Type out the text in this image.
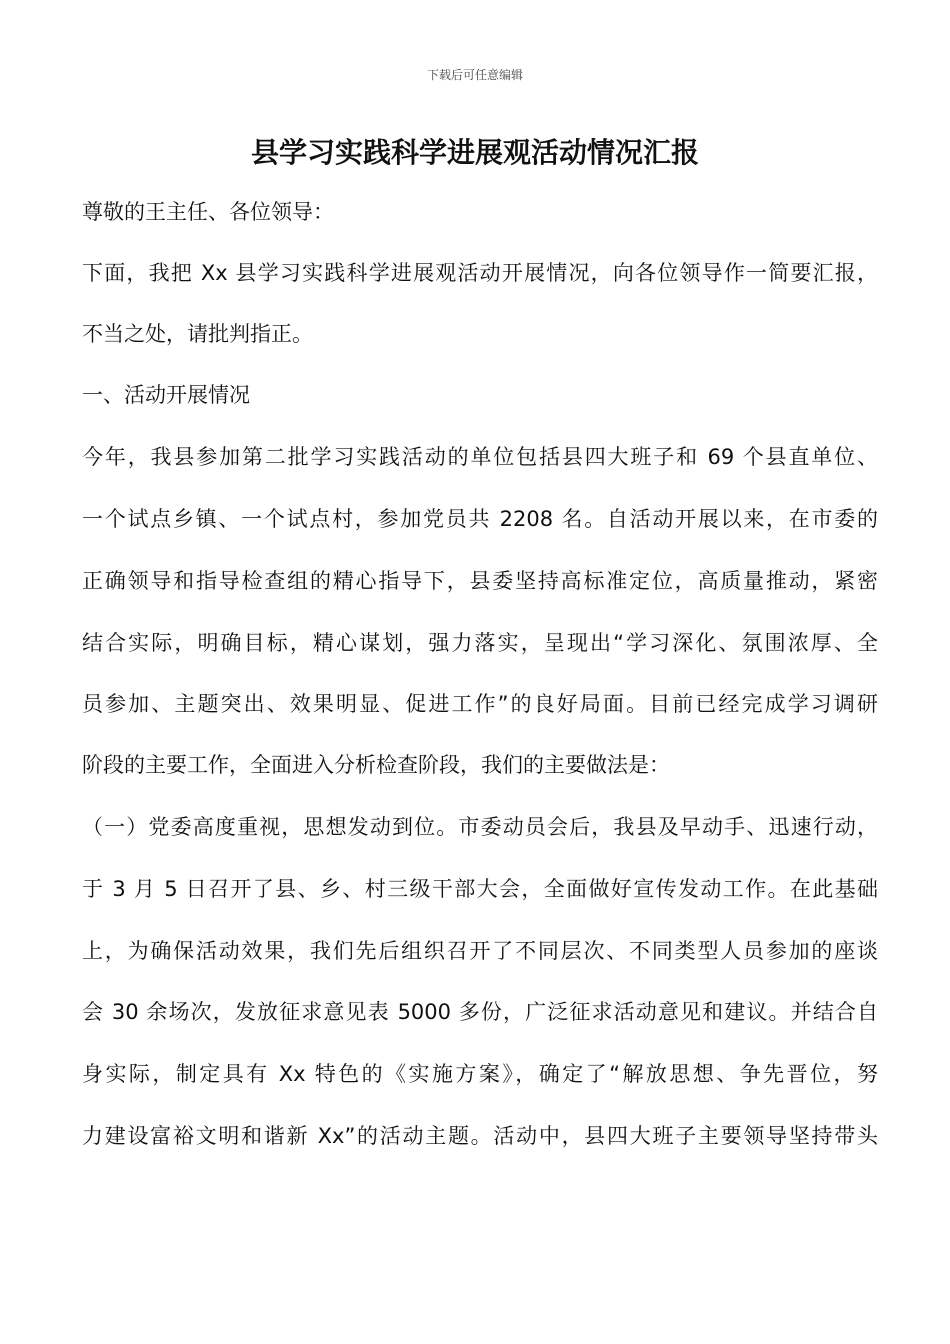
下载后可任意编辑
县学习实践科学进展观活动情况汇报
尊敬的王主任、各位领导：
下面，我把 Xx 县学习实践科学进展观活动开展情况，向各位领导作一简要汇报，
不当之处，请批判指正。
一、活动开展情况
今年，我县参加第二批学习实践活动的单位包括县四大班子和 69 个县直单位、
一个试点乡镇、一个试点村，参加党员共 2208 名。自活动开展以来，在市委的
正确领导和指导检查组的精心指导下，县委坚持高标准定位，高质量推动，紧密
结合实际，明确目标，精心谋划，强力落实，呈现出“学习深化、氛围浓厚、全
员参加、主题突出、效果明显、促进工作”的良好局面。目前已经完成学习调研
阶段的主要工作，全面进入分析检查阶段，我们的主要做法是：
（一）党委高度重视，思想发动到位。市委动员会后，我县及早动手、迅速行动，
于 3 月 5 日召开了县、乡、村三级干部大会，全面做好宣传发动工作。在此基础
上，为确保活动效果，我们先后组织召开了不同层次、不同类型人员参加的座谈
会 30 余场次，发放征求意见表 5000 多份，广泛征求活动意见和建议。并结合自
身实际，制定具有 Xx 特色的《实施方案》，确定了“解放思想、争先晋位，努
力建设富裕文明和谐新 Xx”的活动主题。活动中，县四大班子主要领导坚持带头
